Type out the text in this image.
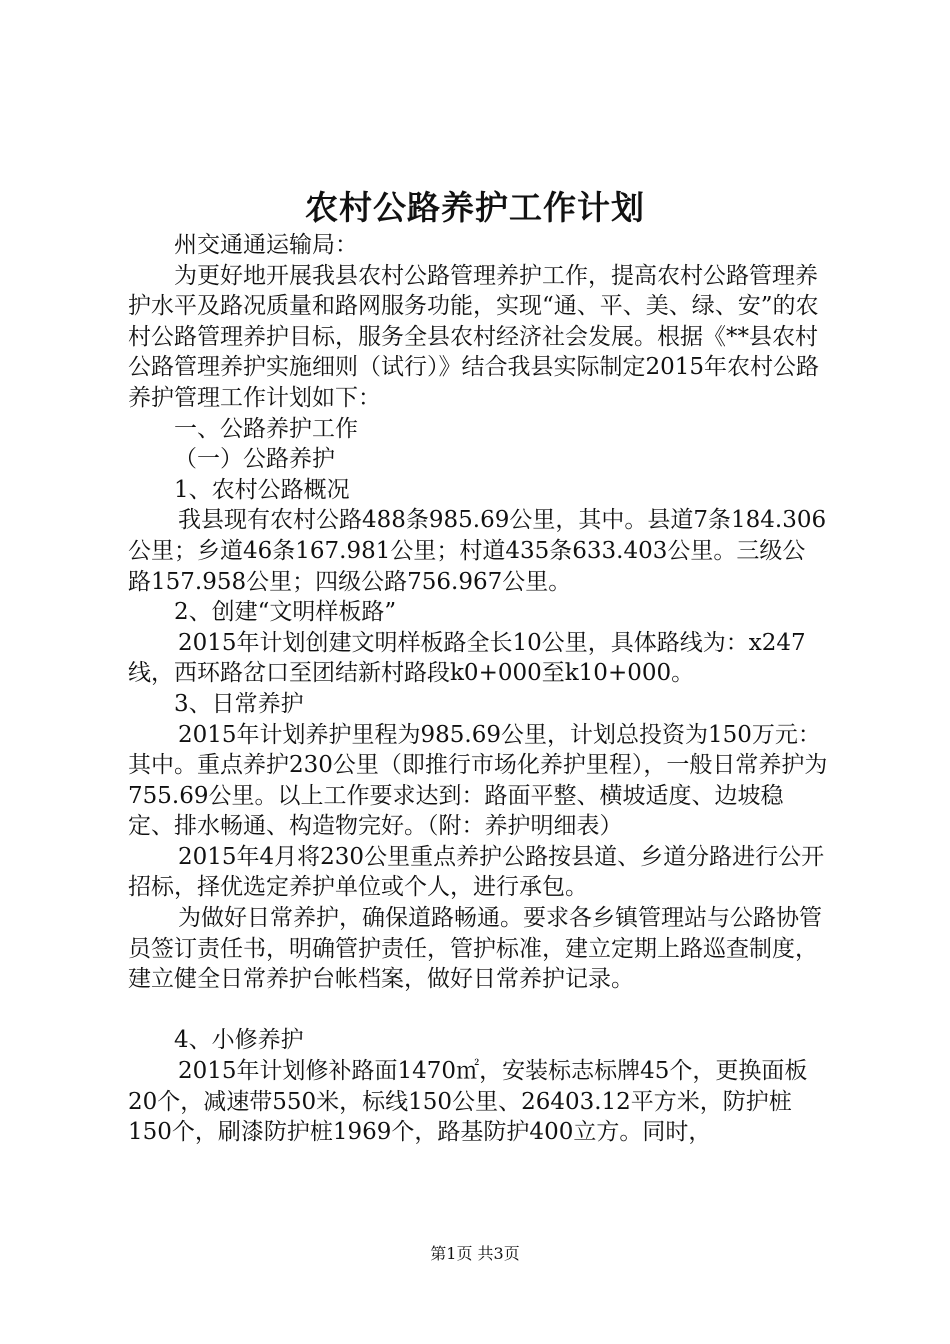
农村公路养护工作计划

州交通通运输局：

为更好地开展我县农村公路管理养护工作，提高农村公路管理养护水平及路况质量和路网服务功能，实现“通、平、美、绿、安”的农村公路管理养护目标，服务全县农村经济社会发展。根据《**县农村公路管理养护实施细则（试行）》结合我县实际制定2015年农村公路养护管理工作计划如下：

一、公路养护工作

（一）公路养护

1、农村公路概况

我县现有农村公路488条985.69公里，其中。县道7条184.306公里；乡道46条167.981公里；村道435条633.403公里。三级公路157.958公里；四级公路756.967公里。

2、创建“文明样板路”

2015年计划创建文明样板路全长10公里，具体路线为：x247线，西环路岔口至团结新村路段k0+000至k10+000。

3、日常养护

2015年计划养护里程为985.69公里，计划总投资为150万元：其中。重点养护230公里（即推行市场化养护里程），一般日常养护为755.69公里。以上工作要求达到：路面平整、横坡适度、边坡稳定、排水畅通、构造物完好。（附：养护明细表）

2015年4月将230公里重点养护公路按县道、乡道分路进行公开招标，择优选定养护单位或个人，进行承包。

为做好日常养护，确保道路畅通。要求各乡镇管理站与公路协管员签订责任书，明确管护责任，管护标准，建立定期上路巡查制度，建立健全日常养护台帐档案，做好日常养护记录。

4、小修养护

2015年计划修补路面1470㎡，安装标志标牌45个，更换面板20个，减速带550米，标线150公里、26403.12平方米，防护桩150个，刷漆防护桩1969个，路基防护400立方。同时，

第1页 共3页
